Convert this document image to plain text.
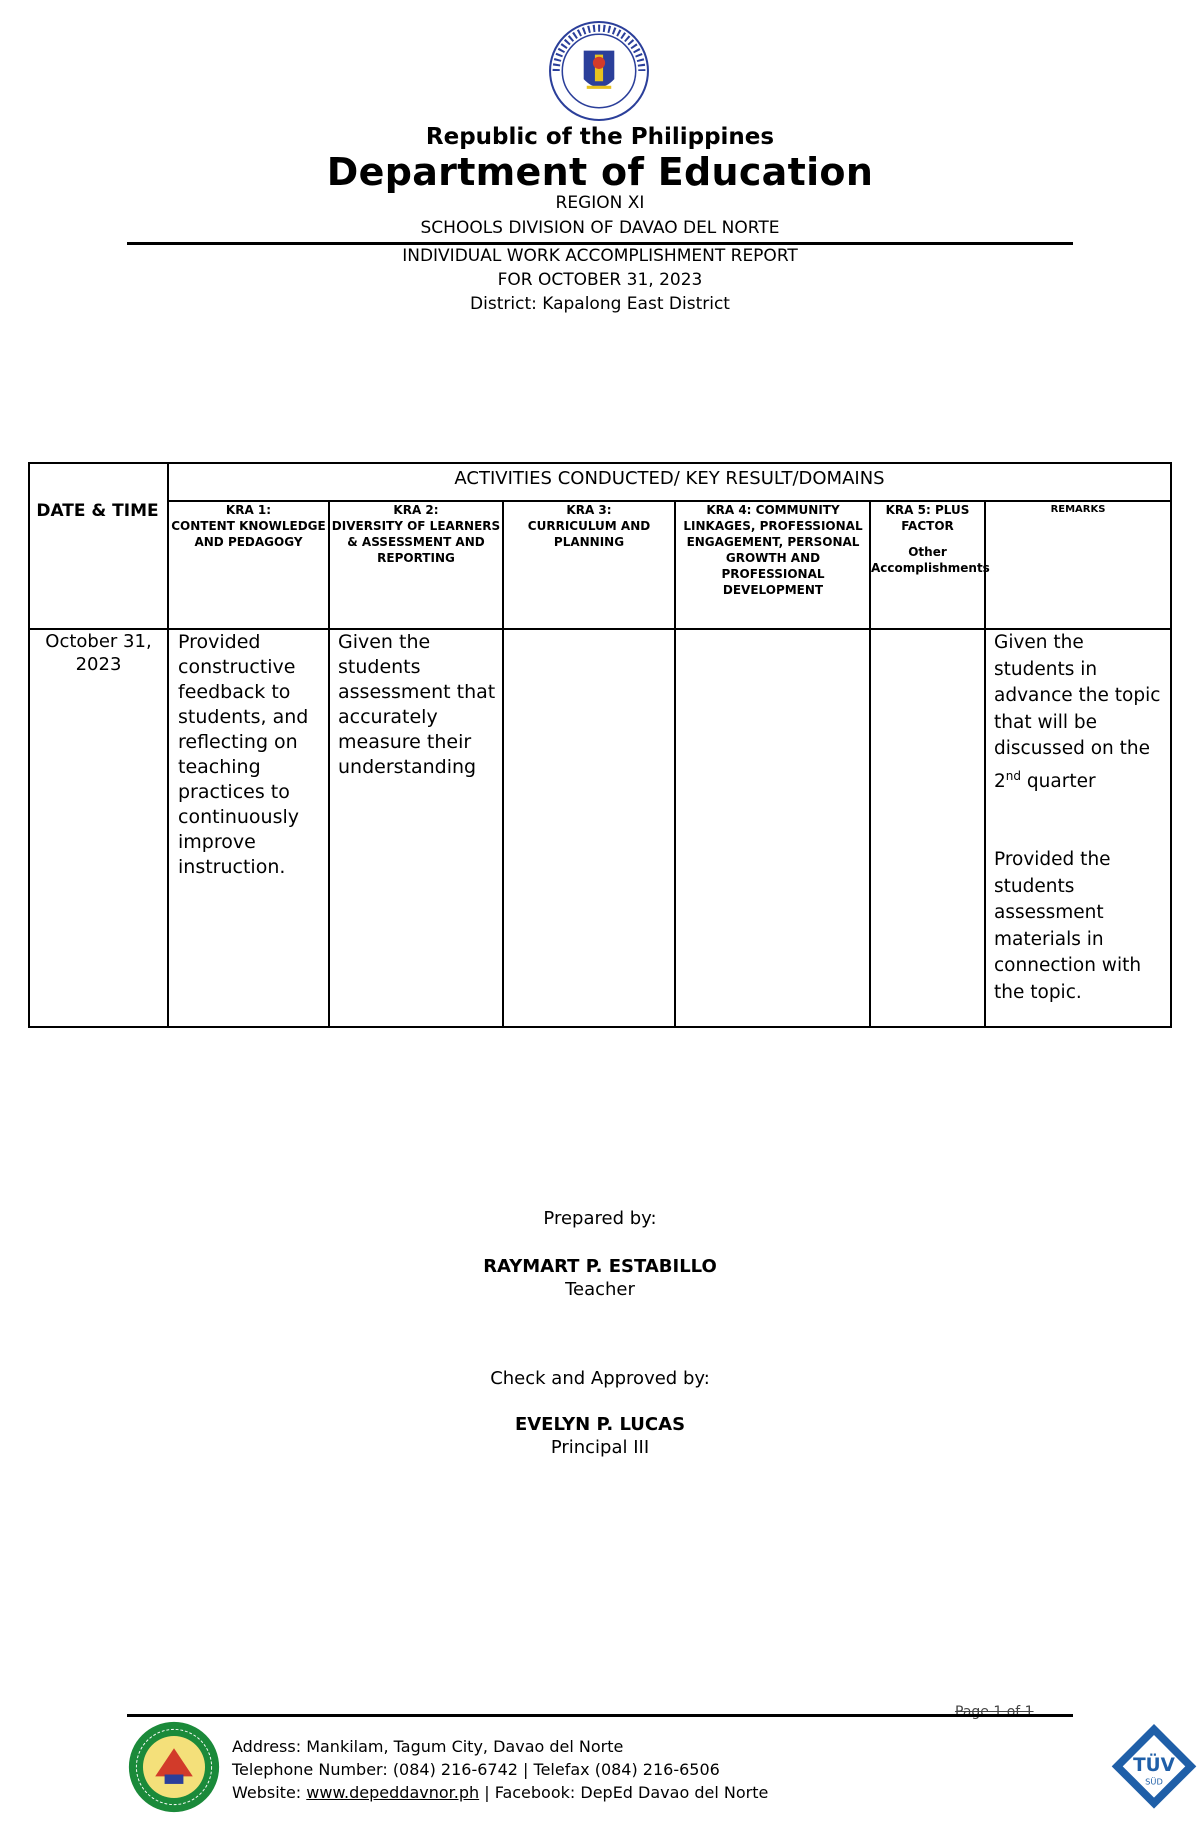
Republic of the Philippines
Department of Education
REGION XI
SCHOOLS DIVISION OF DAVAO DEL NORTE
INDIVIDUAL WORK ACCOMPLISHMENT REPORT
FOR OCTOBER 31, 2023
District: Kapalong East District
DATE & TIME
ACTIVITIES CONDUCTED/ KEY RESULT/DOMAINS
KRA 1:
CONTENT KNOWLEDGE AND PEDAGOGY
KRA 2:
DIVERSITY OF LEARNERS & ASSESSMENT AND REPORTING
KRA 3:
CURRICULUM AND PLANNING
KRA 4: COMMUNITY LINKAGES, PROFESSIONAL ENGAGEMENT, PERSONAL GROWTH AND PROFESSIONAL DEVELOPMENT
KRA 5: PLUS FACTOR
Other Accomplishments
REMARKS
October 31, 2023
Provided constructive feedback to students, and reflecting on teaching practices to continuously improve instruction.
Given the students assessment that accurately measure their understanding
Given the students in advance the topic that will be discussed on the 2nd quarter
Provided the students assessment materials in connection with the topic.
Prepared by:
RAYMART P. ESTABILLO
Teacher
Check and Approved by:
EVELYN P. LUCAS
Principal III
Page 1 of 1
Address: Mankilam, Tagum City, Davao del Norte
Telephone Number: (084) 216-6742 | Telefax (084) 216-6506
Website: www.depeddavnor.ph | Facebook: DepEd Davao del Norte
TÜV
SÜD
